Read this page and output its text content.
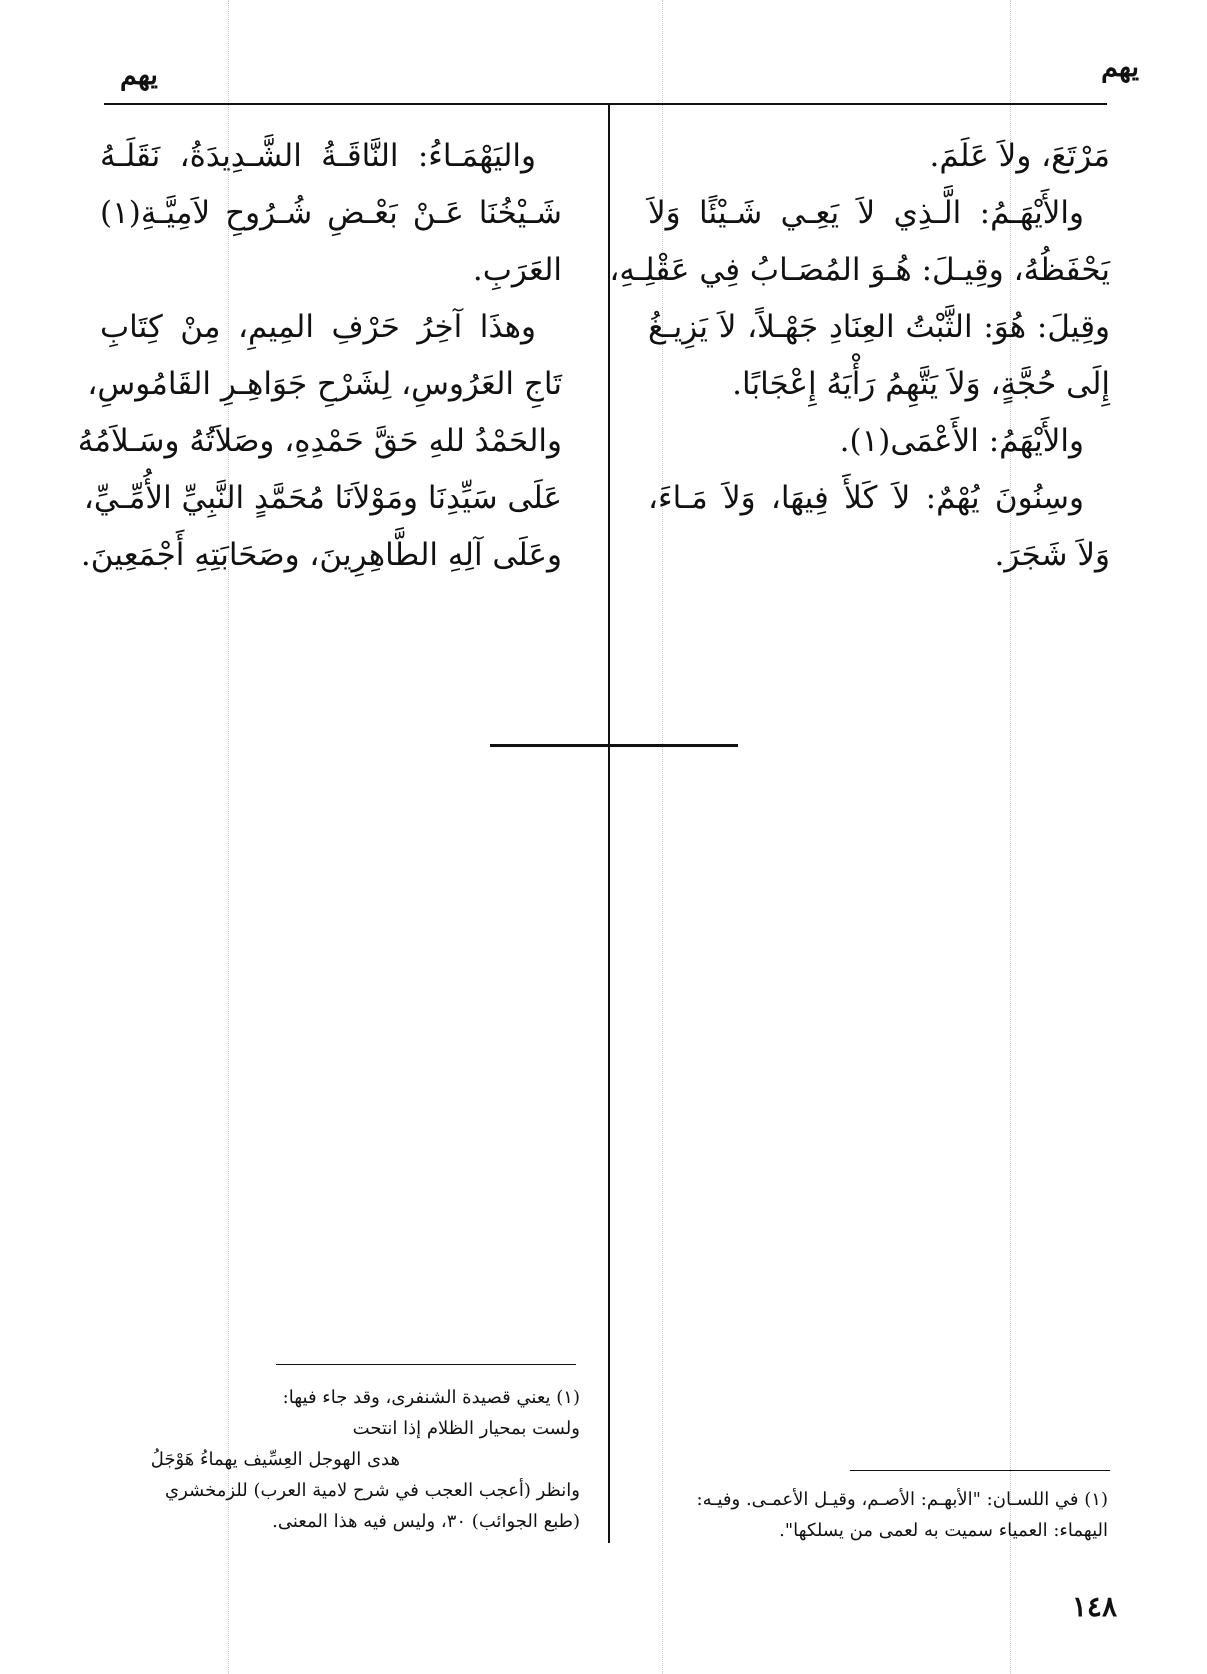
يهم
يهم
مَرْتَعَ، ولاَ عَلَمَ.
والأَيْهَـمُ: الَّـذِي لاَ يَعِـي شَـيْئًا وَلاَ
يَحْفَظُهُ، وقِيـلَ: هُـوَ المُصَـابُ فِي عَقْلِـهِ،
وقِيلَ: هُوَ: الثَّبْتُ العِنَادِ جَهْـلاً، لاَ يَزِيـغُ
إِلَى حُجَّةٍ، وَلاَ يَتَّهِمُ رَأْيَهُ إِعْجَابًا.
والأَيْهَمُ: الأَعْمَى(١).
وسِنُونَ يُهْمٌ: لاَ كَلأَ فِيهَا، وَلاَ مَـاءَ،
وَلاَ شَجَرَ.
واليَهْمَـاءُ: النَّاقَـةُ الشَّـدِيدَةُ، نَقَلَـهُ
شَـيْخُنَا عَـنْ بَعْـضِ شُـرُوحِ لاَمِيَّـةِ(١)
العَرَبِ.
وهذَا آخِرُ حَرْفِ المِيمِ، مِنْ كِتَابِ
تَاجِ العَرُوسِ، لِشَرْحِ جَوَاهِـرِ القَامُوسِ،
والحَمْدُ للهِ حَقَّ حَمْدِهِ، وصَلاَتُهُ وسَـلاَمُهُ
عَلَى سَيِّدِنَا ومَوْلاَنَا مُحَمَّدٍ النَّبِيِّ الأُمِّـيِّ،
وعَلَى آلِهِ الطَّاهِرِينَ، وصَحَابَتِهِ أَجْمَعِينَ.
(١) يعني قصيدة الشنفرى، وقد جاء فيها:
ولست بمحيار الظلام إذا انتحت
هدى الهوجل العِسِّيف يهماءُ هَوْجَلُ
وانظر (أعجب العجب في شرح لامية العرب) للزمخشري
(طبع الجوائب) ٣٠، وليس فيه هذا المعنى.
(١) في اللسـان: "الأبهـم: الأصـم، وقيـل الأعمـى. وفيـه:
اليهماء: العمياء سميت به لعمى من يسلكها".
١٤٨
